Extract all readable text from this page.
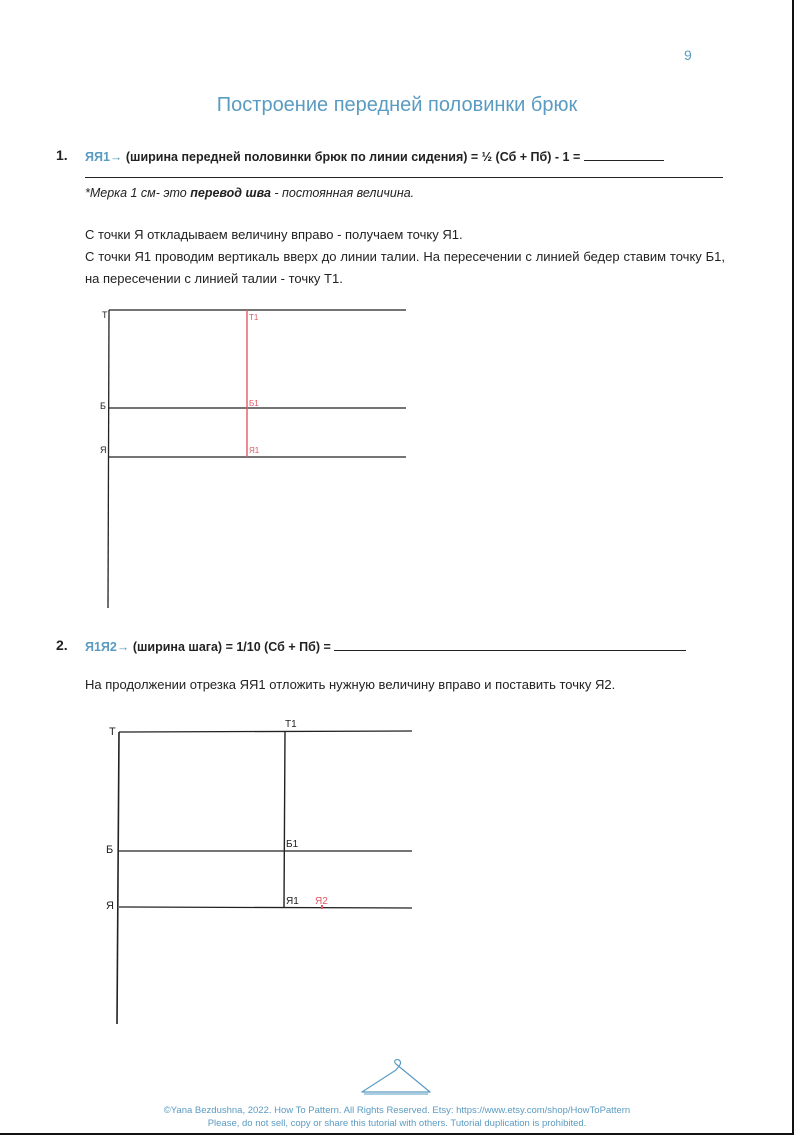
9
Построение передней половинки брюк
1. ЯЯ1→ (ширина передней половинки брюк по линии сидения) = ½ (Сб + Пб) - 1 =
*Мерка 1 см- это перевод шва - постоянная величина.
С точки Я откладываем величину вправо - получаем точку Я1.
С точки Я1 проводим вертикаль вверх до линии талии. На пересечении с линией бедер ставим точку Б1, на пересечении с линией талии - точку Т1.
Т
Б
Я
Т1
Б1
Я1
2. Я1Я2→ (ширина шага) = 1/10 (Сб + Пб) =
На продолжении отрезка ЯЯ1 отложить нужную величину вправо и поставить точку Я2.
Т
Б
Я
Т1
Б1
Я1 Я2
©Yana Bezdushna, 2022. How To Pattern. All Rights Reserved. Etsy: https://www.etsy.com/shop/HowToPattern
Please, do not sell, copy or share this tutorial with others. Tutorial duplication is prohibited.
